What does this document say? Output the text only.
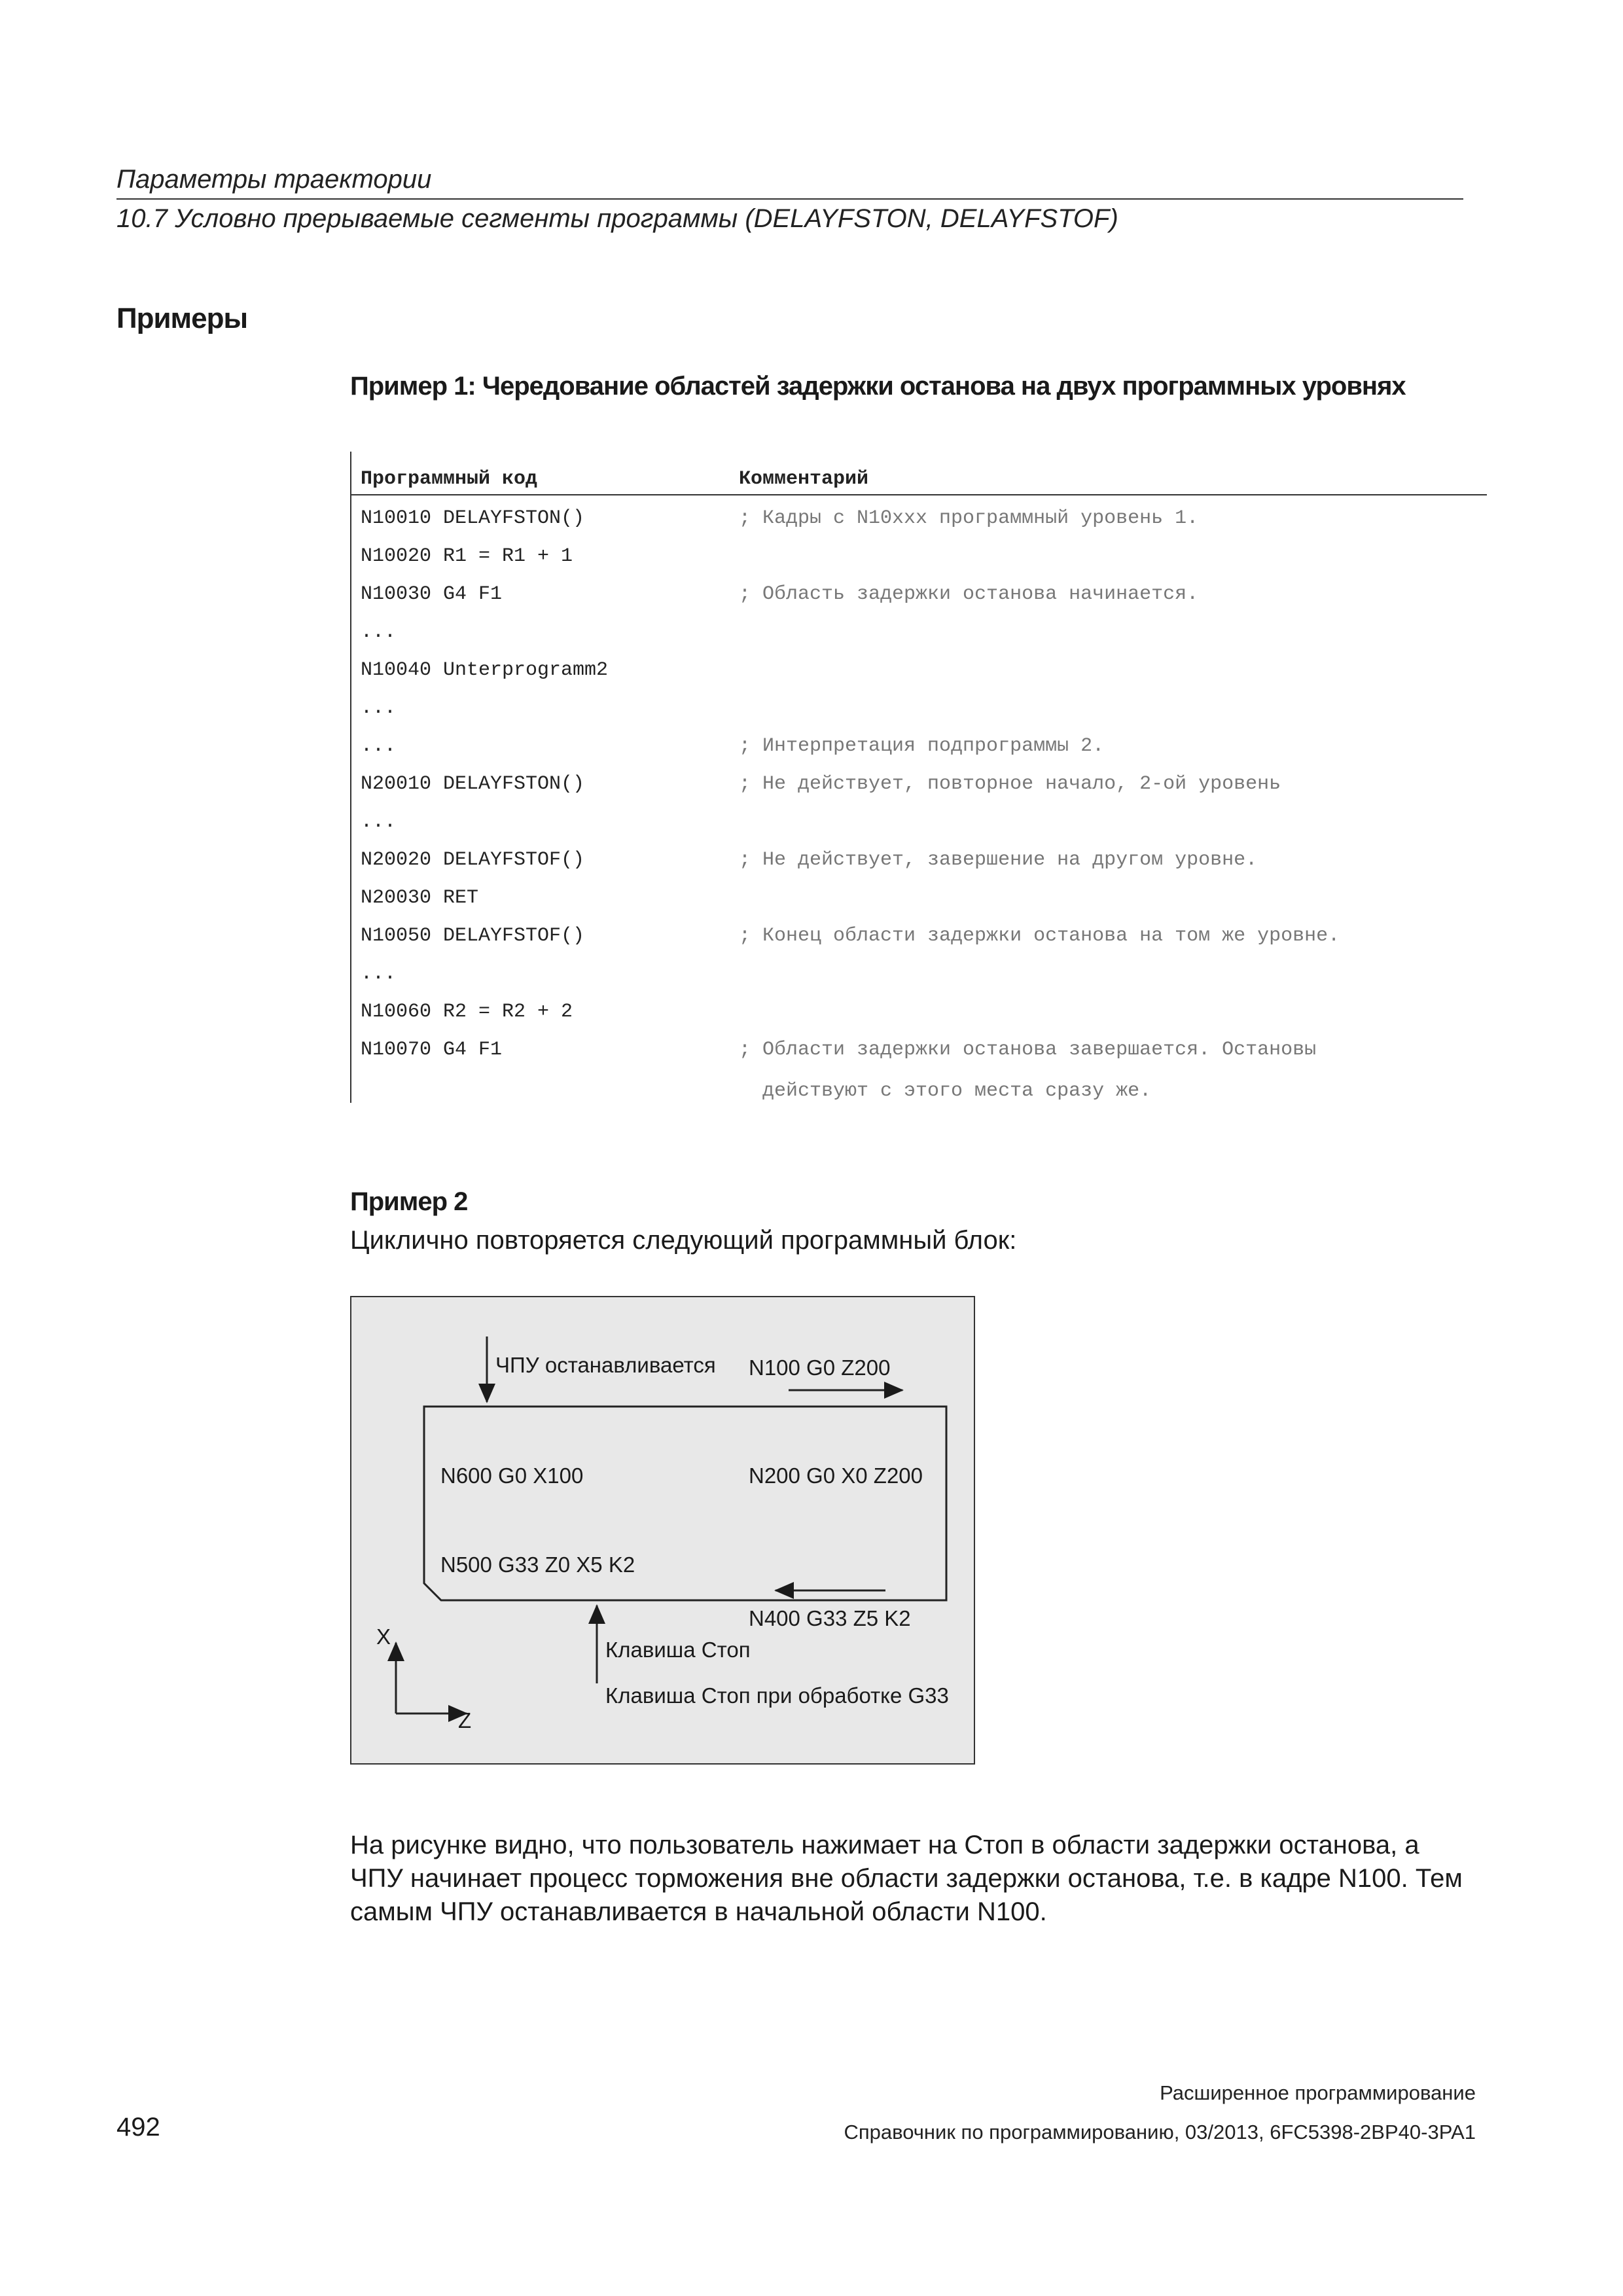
Параметры траектории
10.7 Условно прерываемые сегменты программы (DELAYFSTON, DELAYFSTOF)
Примеры
Пример 1: Чередование областей задержки останова на двух программных уровнях
Программный код	Комментарий
N10010 DELAYFSTON()	; Кадры с N10xxx программный уровень 1.
N10020 R1 = R1 + 1
N10030 G4 F1	; Область задержки останова начинается.
...
N10040 Unterprogramm2
...
...	; Интерпретация подпрограммы 2.
N20010 DELAYFSTON()	; Не действует, повторное начало, 2-ой уровень
...
N20020 DELAYFSTOF()	; Не действует, завершение на другом уровне.
N20030 RET
N10050 DELAYFSTOF()	; Конец области задержки останова на том же уровне.
...
N10060 R2 = R2 + 2
N10070 G4 F1	; Области задержки останова завершается. Остановы
действуют с этого места сразу же.
Пример 2
Циклично повторяется следующий программный блок:
ЧПУ останавливается N100 G0 Z200
N600 G0 X100	N200 G0 X0 Z200
N500 G33 Z0 X5 K2
N400 G33 Z5 K2
Клавиша Стоп
Клавиша Стоп при обработке G33
X
Z
На рисунке видно, что пользователь нажимает на Стоп в области задержки останова, а ЧПУ начинает процесс торможения вне области задержки останова, т.е. в кадре N100. Тем самым ЧПУ останавливается в начальной области N100.
Расширенное программирование
492	Справочник по программированию, 03/2013, 6FC5398-2BP40-3PA1
